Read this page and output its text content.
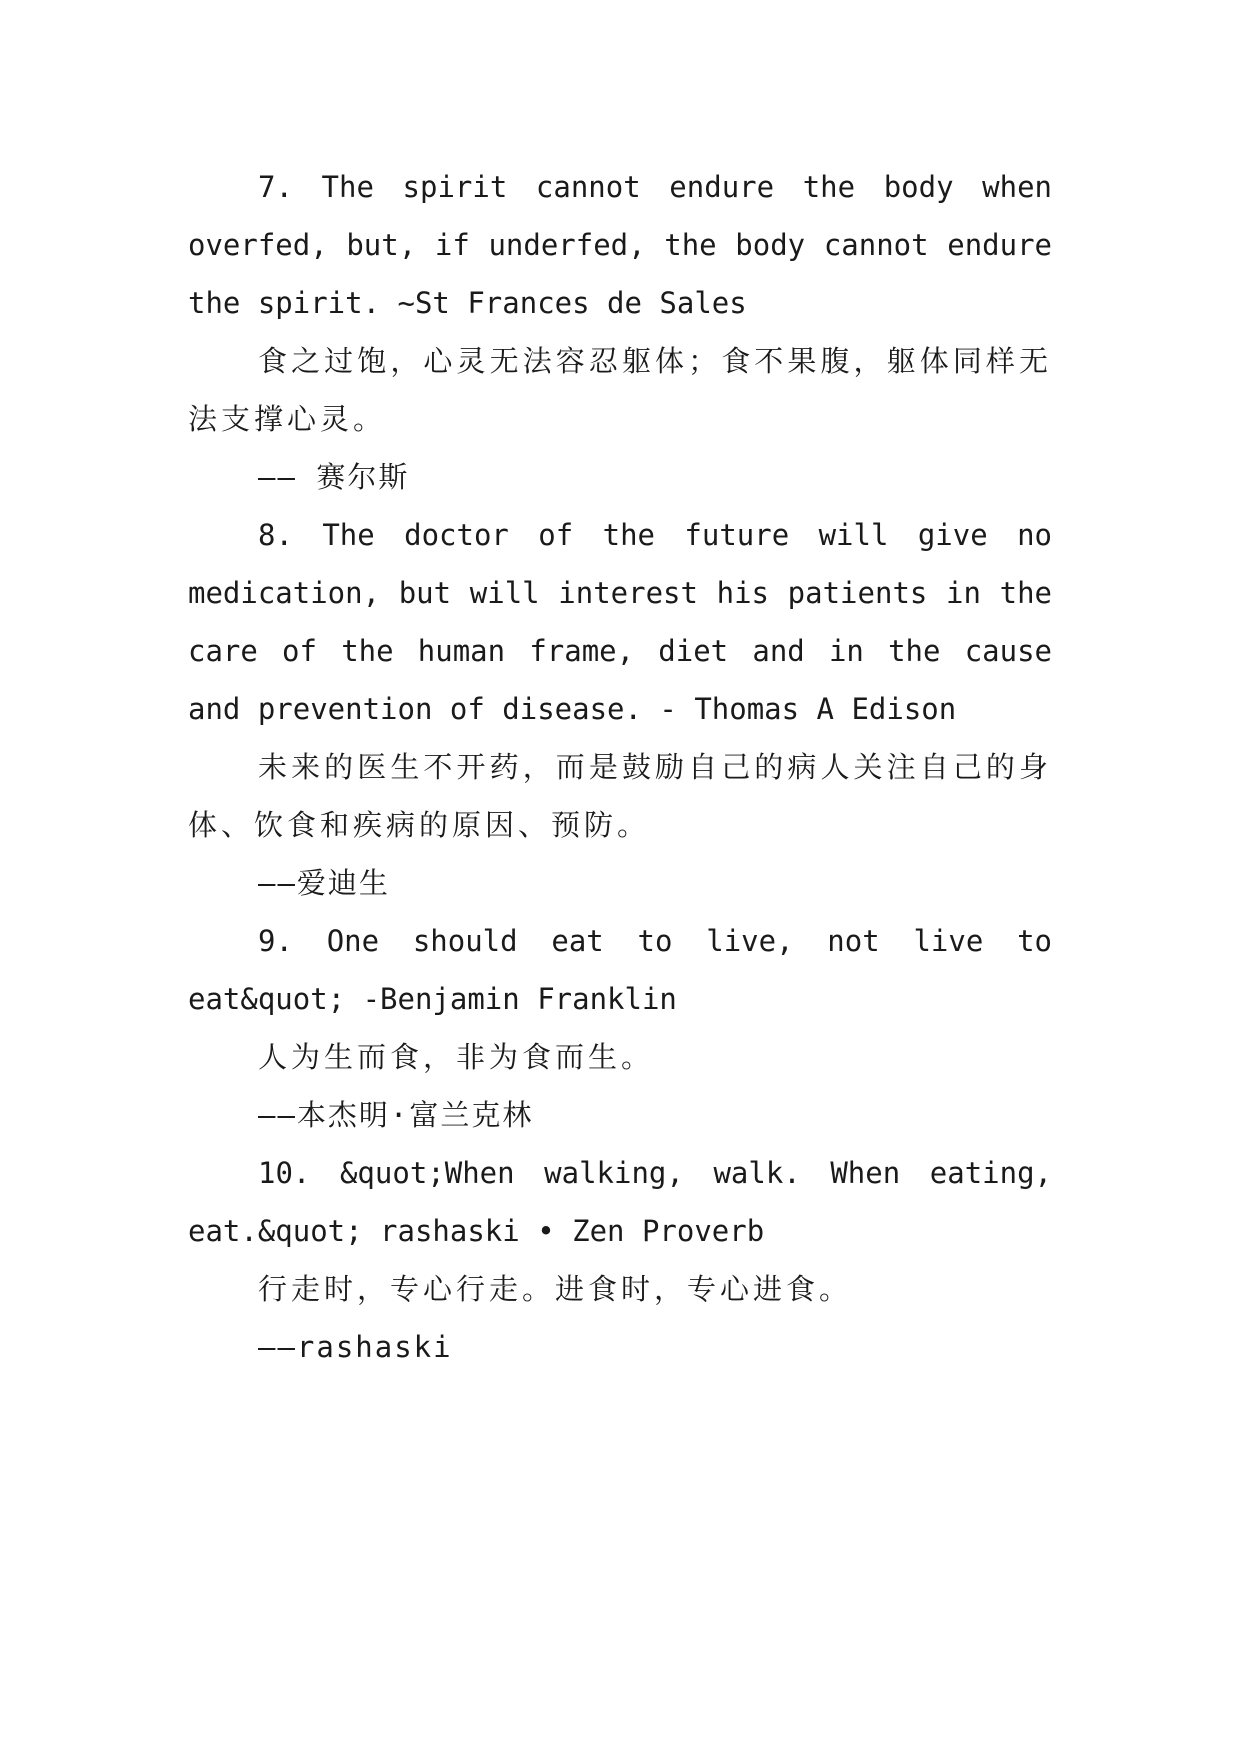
7. The spirit cannot endure the body when overfed, but, if underfed, the body cannot endure the spirit. ~St Frances de Sales

食之过饱，心灵无法容忍躯体；食不果腹，躯体同样无法支撑心灵。

—— 赛尔斯

8. The doctor of the future will give no medication, but will interest his patients in the care of the human frame, diet and in the cause and prevention of disease. - Thomas A Edison

未来的医生不开药，而是鼓励自己的病人关注自己的身体、饮食和疾病的原因、预防。

——爱迪生

9. One should eat to live, not live to eat&quot; -Benjamin Franklin

人为生而食，非为食而生。

——本杰明·富兰克林

10. &quot;When walking, walk. When eating, eat.&quot; rashaski • Zen Proverb

行走时，专心行走。进食时，专心进食。

——rashaski
